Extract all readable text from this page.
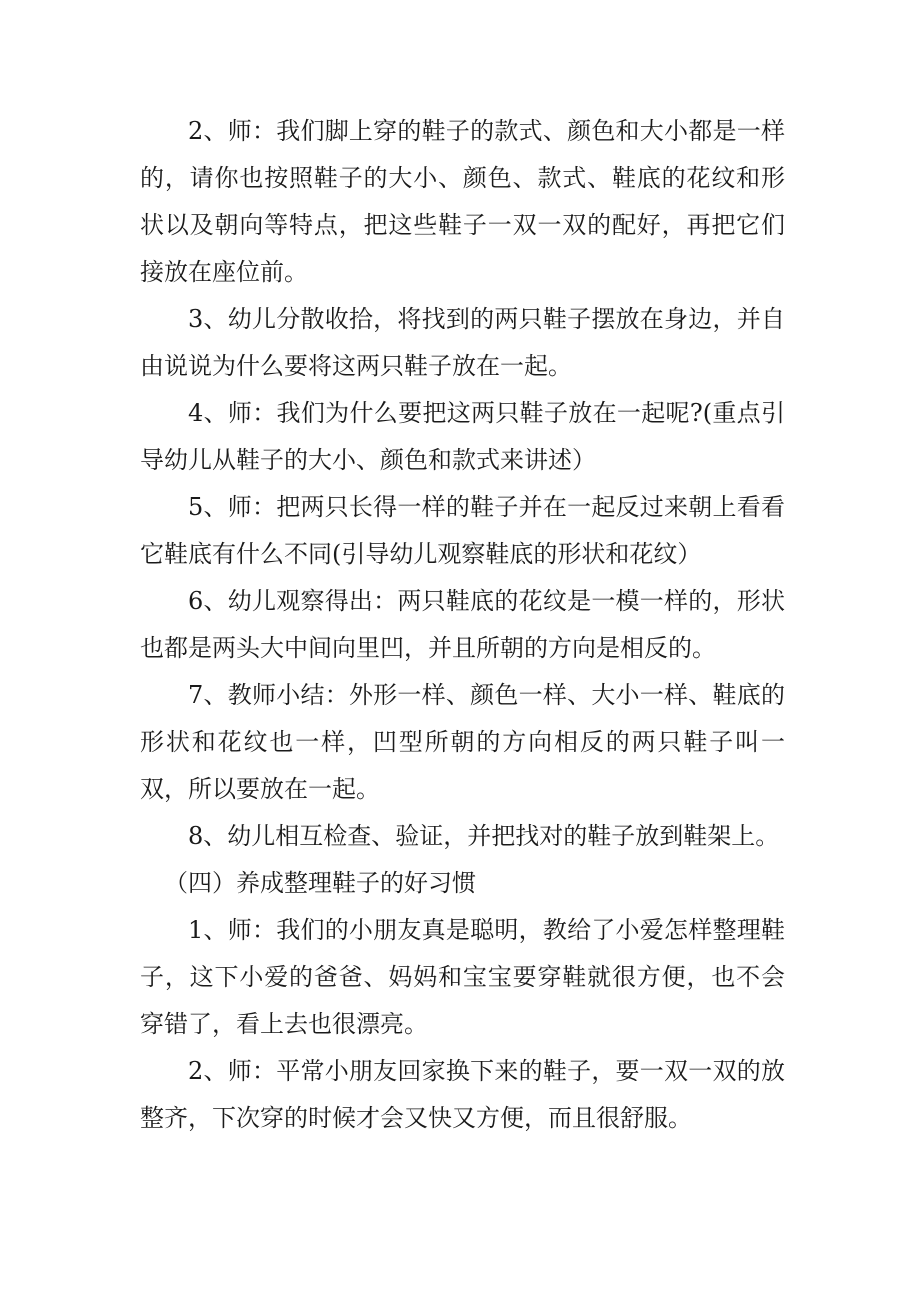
2、师：我们脚上穿的鞋子的款式、颜色和大小都是一样的，请你也按照鞋子的大小、颜色、款式、鞋底的花纹和形状以及朝向等特点，把这些鞋子一双一双的配好，再把它们接放在座位前。

3、幼儿分散收拾，将找到的两只鞋子摆放在身边，并自由说说为什么要将这两只鞋子放在一起。

4、师：我们为什么要把这两只鞋子放在一起呢?(重点引导幼儿从鞋子的大小、颜色和款式来讲述）

5、师：把两只长得一样的鞋子并在一起反过来朝上看看它鞋底有什么不同(引导幼儿观察鞋底的形状和花纹）

6、幼儿观察得出：两只鞋底的花纹是一模一样的，形状也都是两头大中间向里凹，并且所朝的方向是相反的。

7、教师小结：外形一样、颜色一样、大小一样、鞋底的形状和花纹也一样，凹型所朝的方向相反的两只鞋子叫一双，所以要放在一起。

8、幼儿相互检查、验证，并把找对的鞋子放到鞋架上。

（四）养成整理鞋子的好习惯

1、师：我们的小朋友真是聪明，教给了小爱怎样整理鞋子，这下小爱的爸爸、妈妈和宝宝要穿鞋就很方便，也不会穿错了，看上去也很漂亮。

2、师：平常小朋友回家换下来的鞋子，要一双一双的放整齐，下次穿的时候才会又快又方便，而且很舒服。
